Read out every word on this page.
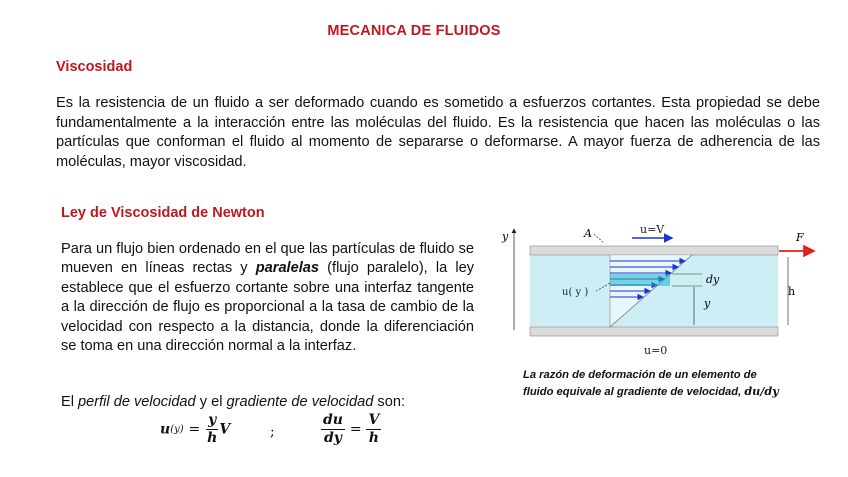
MECANICA DE FLUIDOS
Viscosidad
Es la resistencia de un fluido a ser deformado cuando es sometido a esfuerzos cortantes. Esta propiedad se debe fundamentalmente a la interacción entre las moléculas del fluido. Es la resistencia que hacen las moléculas o las partículas que conforman el fluido al momento de separarse o deformarse. A mayor fuerza de adherencia de las moléculas, mayor viscosidad.
Ley de Viscosidad de Newton
Para un flujo bien ordenado en el que las partículas de fluido se mueven en líneas rectas y paralelas (flujo paralelo), la ley establece que el esfuerzo cortante sobre una interfaz tangente a la dirección de flujo es proporcional a la tasa de cambio de la velocidad con respecto a la distancia, donde la diferenciación se toma en una dirección normal a la interfaz.
El perfil de velocidad y el gradiente de velocidad son:
$u(y) = \frac{y}{h}$ V	;	$\frac{du}{dy} = \frac{V}{h}$
y
u=V
F
A
u( y )
dy
y
h
u=0
La razón de deformación de un elemento de
fluido equivale al gradiente de velocidad, du/dy
